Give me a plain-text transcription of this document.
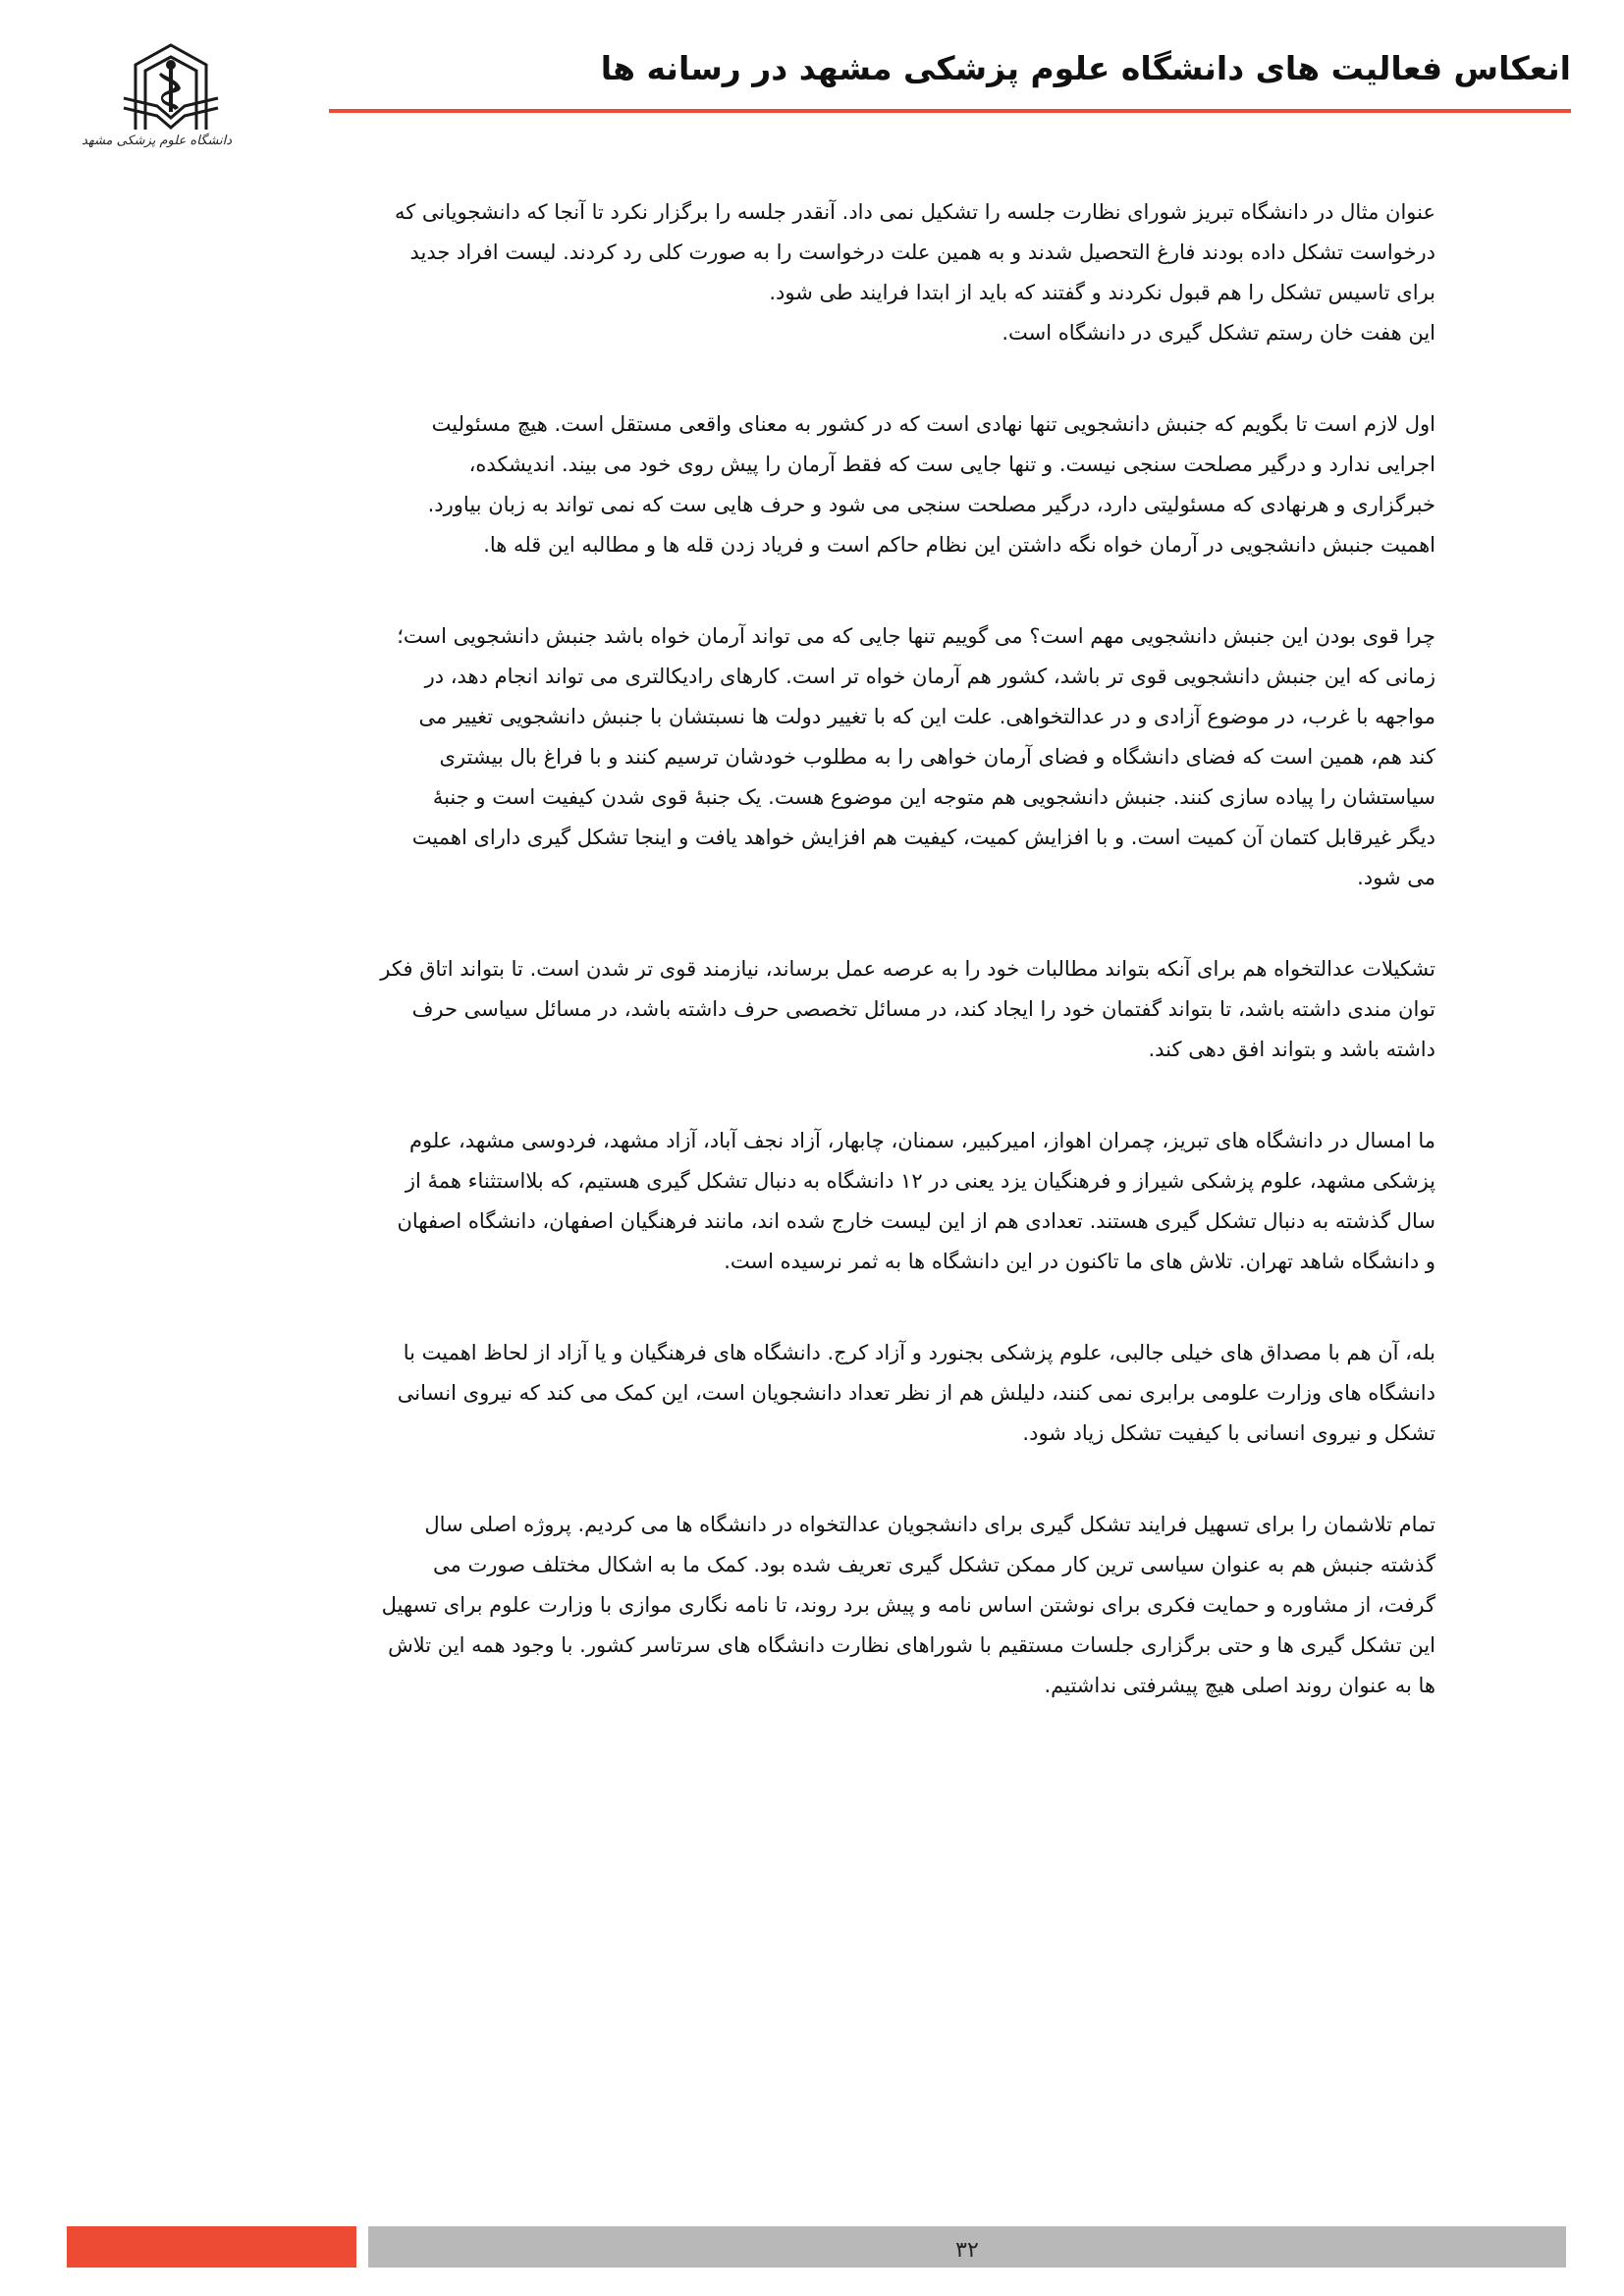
انعکاس فعالیت های دانشگاه علوم پزشکی مشهد در رسانه ها
دانشگاه علوم پزشکی مشهد

عنوان مثال در دانشگاه تبریز شورای نظارت جلسه را تشکیل نمی داد. آنقدر جلسه را برگزار نکرد تا آنجا که دانشجویانی که
درخواست تشکل داده بودند فارغ التحصیل شدند و به همین علت درخواست را به صورت کلی رد کردند. لیست افراد جدید
برای تاسیس تشکل را هم قبول نکردند و گفتند که باید از ابتدا فرایند طی شود.
این هفت خان رستم تشکل گیری در دانشگاه است.

اول لازم است تا بگویم که جنبش دانشجویی تنها نهادی است که در کشور به معنای واقعی مستقل است. هیچ مسئولیت
اجرایی ندارد و درگیر مصلحت سنجی نیست. و تنها جایی ست که فقط آرمان را پیش روی خود می بیند. اندیشکده،
خبرگزاری و هرنهادی که مسئولیتی دارد، درگیر مصلحت سنجی می شود و حرف هایی ست که نمی تواند به زبان بیاورد.
اهمیت جنبش دانشجویی در آرمان خواه نگه داشتن این نظام حاکم است و فریاد زدن قله ها و مطالبه این قله ها.

چرا قوی بودن این جنبش دانشجویی مهم است؟ می گوییم تنها جایی که می تواند آرمان خواه باشد جنبش دانشجویی است؛
زمانی که این جنبش دانشجویی قوی تر باشد، کشور هم آرمان خواه تر است. کارهای رادیکالتری می تواند انجام دهد، در
مواجهه با غرب، در موضوع آزادی و در عدالتخواهی. علت این که با تغییر دولت ها نسبتشان با جنبش دانشجویی تغییر می
کند هم، همین است که فضای دانشگاه و فضای آرمان خواهی را به مطلوب خودشان ترسیم کنند و با فراغ بال بیشتری
سیاستشان را پیاده سازی کنند. جنبش دانشجویی هم متوجه این موضوع هست. یک جنبهٔ قوی شدن کیفیت است و جنبهٔ
دیگر غیرقابل کتمان آن کمیت است. و با افزایش کمیت، کیفیت هم افزایش خواهد یافت و اینجا تشکل گیری دارای اهمیت
می شود.

تشکیلات عدالتخواه هم برای آنکه بتواند مطالبات خود را به عرصه عمل برساند، نیازمند قوی تر شدن است. تا بتواند اتاق فکر
توان مندی داشته باشد، تا بتواند گفتمان خود را ایجاد کند، در مسائل تخصصی حرف داشته باشد، در مسائل سیاسی حرف
داشته باشد و بتواند افق دهی کند.

ما امسال در دانشگاه های تبریز، چمران اهواز، امیرکبیر، سمنان، چابهار، آزاد نجف آباد، آزاد مشهد، فردوسی مشهد، علوم
پزشکی مشهد، علوم پزشکی شیراز و فرهنگیان یزد یعنی در ۱۲ دانشگاه به دنبال تشکل گیری هستیم، که بلااستثناء همهٔ از
سال گذشته به دنبال تشکل گیری هستند. تعدادی هم از این لیست خارج شده اند، مانند فرهنگیان اصفهان، دانشگاه اصفهان
و دانشگاه شاهد تهران. تلاش های ما تاکنون در این دانشگاه ها به ثمر نرسیده است.

بله، آن هم با مصداق های خیلی جالبی، علوم پزشکی بجنورد و آزاد کرج. دانشگاه های فرهنگیان و یا آزاد از لحاظ اهمیت با
دانشگاه های وزارت علومی برابری نمی کنند، دلیلش هم از نظر تعداد دانشجویان است، این کمک می کند که نیروی انسانی
تشکل و نیروی انسانی با کیفیت تشکل زیاد شود.

تمام تلاشمان را برای تسهیل فرایند تشکل گیری برای دانشجویان عدالتخواه در دانشگاه ها می کردیم. پروژه اصلی سال
گذشته جنبش هم به عنوان سیاسی ترین کار ممکن تشکل گیری تعریف شده بود. کمک ما به اشکال مختلف صورت می
گرفت، از مشاوره و حمایت فکری برای نوشتن اساس نامه و پیش برد روند، تا نامه نگاری موازی با وزارت علوم برای تسهیل
این تشکل گیری ها و حتی برگزاری جلسات مستقیم با شوراهای نظارت دانشگاه های سرتاسر کشور. با وجود همه این تلاش
ها به عنوان روند اصلی هیچ پیشرفتی نداشتیم.

۳۲
